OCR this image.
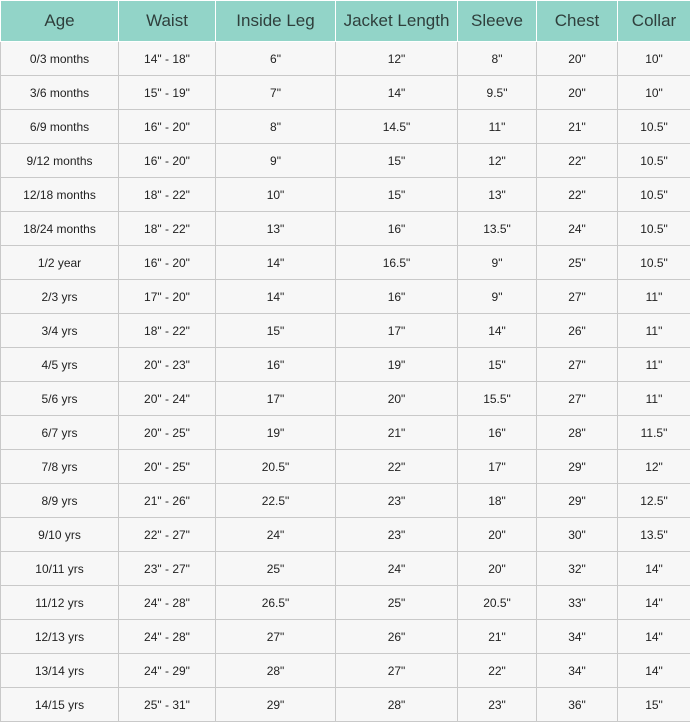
Age	Waist	Inside Leg	Jacket Length	Sleeve	Chest	Collar
0/3 months	14" - 18"	6"	12"	8"	20"	10"
3/6 months	15" - 19"	7"	14"	9.5"	20"	10"
6/9 months	16" - 20"	8"	14.5"	11"	21"	10.5"
9/12 months	16" - 20"	9"	15"	12"	22"	10.5"
12/18 months	18" - 22"	10"	15"	13"	22"	10.5"
18/24 months	18" - 22"	13"	16"	13.5"	24"	10.5"
1/2 year	16" - 20"	14"	16.5"	9"	25"	10.5"
2/3 yrs	17" - 20"	14"	16"	9"	27"	11"
3/4 yrs	18" - 22"	15"	17"	14"	26"	11"
4/5 yrs	20" - 23"	16"	19"	15"	27"	11"
5/6 yrs	20" - 24"	17"	20"	15.5"	27"	11"
6/7 yrs	20" - 25"	19"	21"	16"	28"	11.5"
7/8 yrs	20" - 25"	20.5"	22"	17"	29"	12"
8/9 yrs	21" - 26"	22.5"	23"	18"	29"	12.5"
9/10 yrs	22" - 27"	24"	23"	20"	30"	13.5"
10/11 yrs	23" - 27"	25"	24"	20"	32"	14"
11/12 yrs	24" - 28"	26.5"	25"	20.5"	33"	14"
12/13 yrs	24" - 28"	27"	26"	21"	34"	14"
13/14 yrs	24" - 29"	28"	27"	22"	34"	14"
14/15 yrs	25" - 31"	29"	28"	23"	36"	15"
